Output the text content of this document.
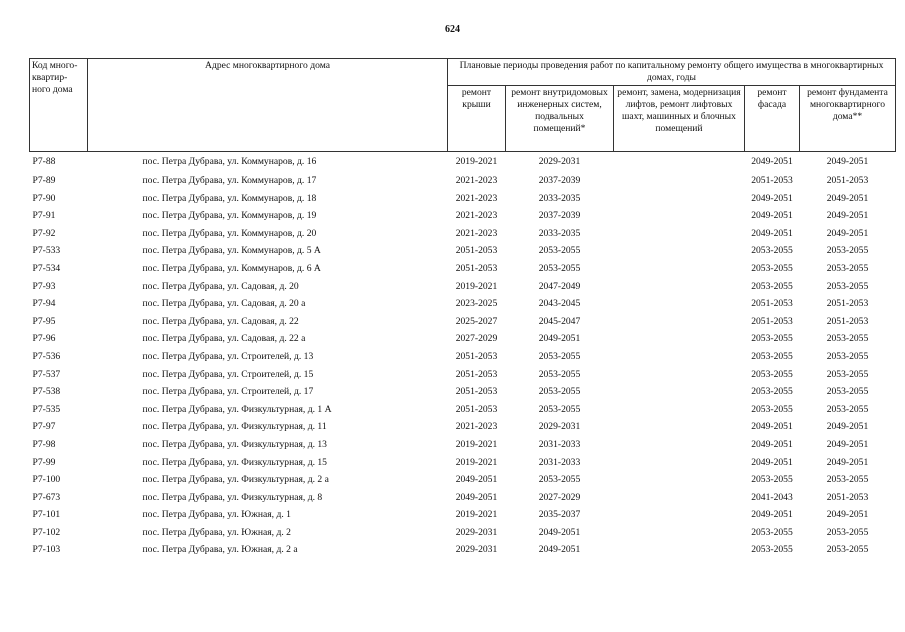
624
Код много-квартир-ного дома	Адрес многоквартирного дома	Плановые периоды проведения работ по капитальному ремонту общего имущества в многоквартирных домах, годы				
		ремонт крыши	ремонт внутридомовых инженерных систем, подвальных помещений*	ремонт, замена, модернизация лифтов, ремонт лифтовых шахт, машинных и блочных помещений	ремонт фасада	ремонт фундамента многоквартирного дома**
Р7-88	пос. Петра Дубрава, ул. Коммунаров, д. 16	2019-2021	2029-2031		2049-2051	2049-2051
Р7-89	пос. Петра Дубрава, ул. Коммунаров, д. 17	2021-2023	2037-2039		2051-2053	2051-2053
Р7-90	пос. Петра Дубрава, ул. Коммунаров, д. 18	2021-2023	2033-2035		2049-2051	2049-2051
Р7-91	пос. Петра Дубрава, ул. Коммунаров, д. 19	2021-2023	2037-2039		2049-2051	2049-2051
Р7-92	пос. Петра Дубрава, ул. Коммунаров, д. 20	2021-2023	2033-2035		2049-2051	2049-2051
Р7-533	пос. Петра Дубрава, ул. Коммунаров, д. 5 А	2051-2053	2053-2055		2053-2055	2053-2055
Р7-534	пос. Петра Дубрава, ул. Коммунаров, д. 6 А	2051-2053	2053-2055		2053-2055	2053-2055
Р7-93	пос. Петра Дубрава, ул. Садовая, д. 20	2019-2021	2047-2049		2053-2055	2053-2055
Р7-94	пос. Петра Дубрава, ул. Садовая, д. 20 а	2023-2025	2043-2045		2051-2053	2051-2053
Р7-95	пос. Петра Дубрава, ул. Садовая, д. 22	2025-2027	2045-2047		2051-2053	2051-2053
Р7-96	пос. Петра Дубрава, ул. Садовая, д. 22 а	2027-2029	2049-2051		2053-2055	2053-2055
Р7-536	пос. Петра Дубрава, ул. Строителей, д. 13	2051-2053	2053-2055		2053-2055	2053-2055
Р7-537	пос. Петра Дубрава, ул. Строителей, д. 15	2051-2053	2053-2055		2053-2055	2053-2055
Р7-538	пос. Петра Дубрава, ул. Строителей, д. 17	2051-2053	2053-2055		2053-2055	2053-2055
Р7-535	пос. Петра Дубрава, ул. Физкультурная, д. 1 А	2051-2053	2053-2055		2053-2055	2053-2055
Р7-97	пос. Петра Дубрава, ул. Физкультурная, д. 11	2021-2023	2029-2031		2049-2051	2049-2051
Р7-98	пос. Петра Дубрава, ул. Физкультурная, д. 13	2019-2021	2031-2033		2049-2051	2049-2051
Р7-99	пос. Петра Дубрава, ул. Физкультурная, д. 15	2019-2021	2031-2033		2049-2051	2049-2051
Р7-100	пос. Петра Дубрава, ул. Физкультурная, д. 2 а	2049-2051	2053-2055		2053-2055	2053-2055
Р7-673	пос. Петра Дубрава, ул. Физкультурная, д. 8	2049-2051	2027-2029		2041-2043	2051-2053
Р7-101	пос. Петра Дубрава, ул. Южная, д. 1	2019-2021	2035-2037		2049-2051	2049-2051
Р7-102	пос. Петра Дубрава, ул. Южная, д. 2	2029-2031	2049-2051		2053-2055	2053-2055
Р7-103	пос. Петра Дубрава, ул. Южная, д. 2 а	2029-2031	2049-2051		2053-2055	2053-2055
